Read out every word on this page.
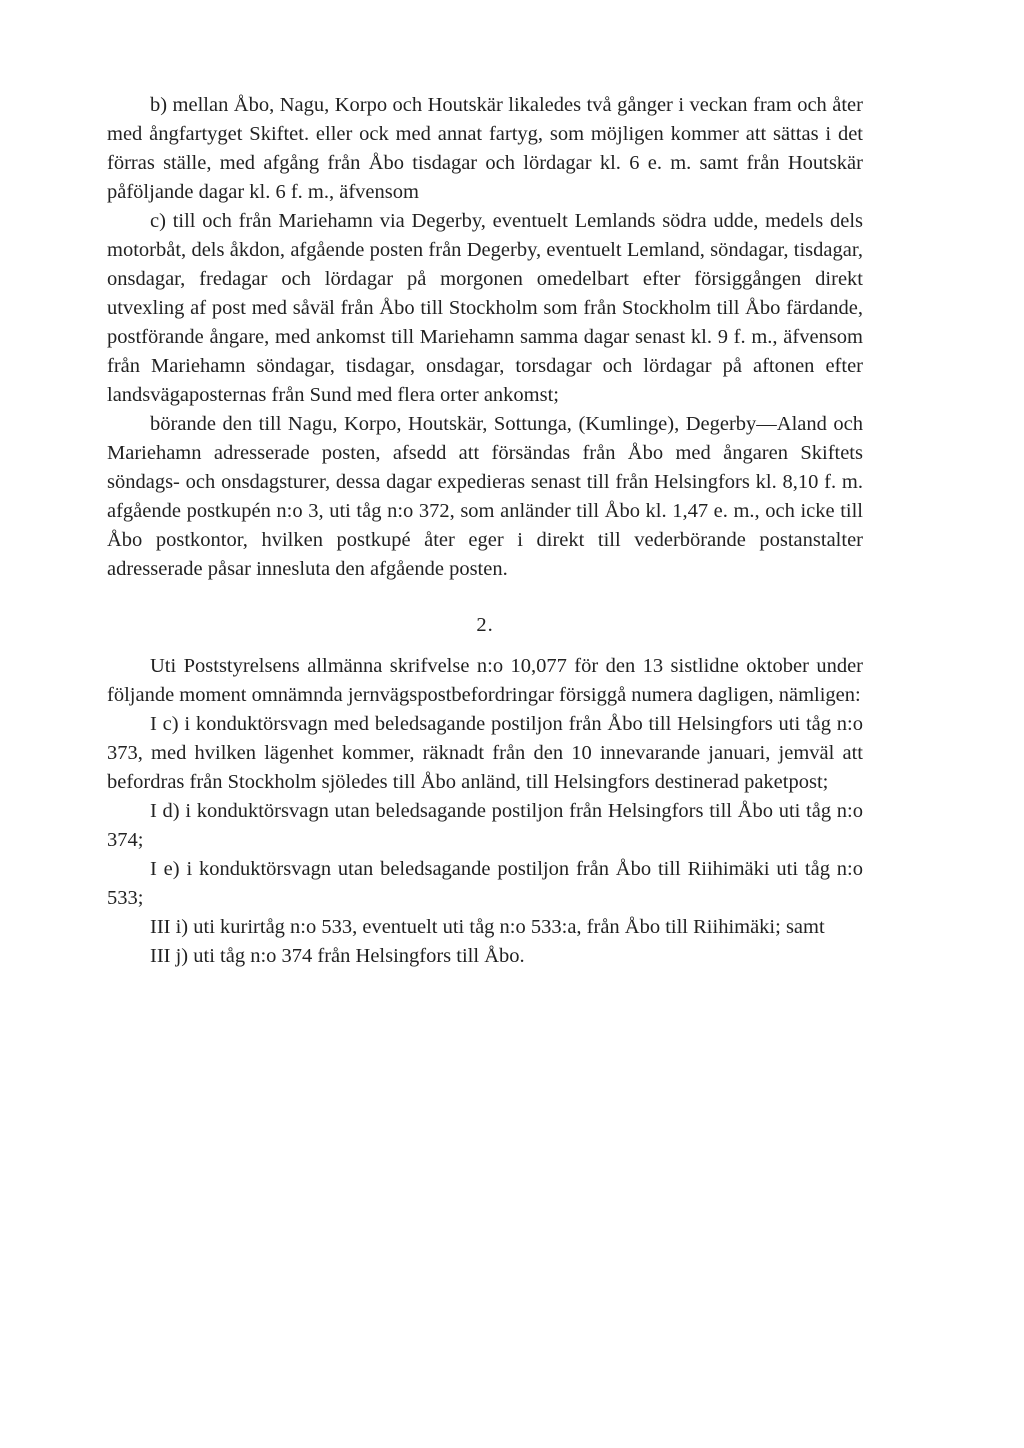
b) mellan Åbo, Nagu, Korpo och Houtskär likaledes två gånger i veckan fram och åter med ångfartyget Skiftet. eller ock med annat fartyg, som möjligen kommer att sättas i det förras ställe, med afgång från Åbo tisdagar och lördagar kl. 6 e. m. samt från Houtskär påföljande dagar kl. 6 f. m., äfvensom

c) till och från Mariehamn via Degerby, eventuelt Lemlands södra udde, medels dels motorbåt, dels åkdon, afgående posten från Degerby, eventuelt Lemland, söndagar, tisdagar, onsdagar, fredagar och lördagar på morgonen omedelbart efter försiggången direkt utvexling af post med såväl från Åbo till Stockholm som från Stockholm till Åbo färdande, postförande ångare, med ankomst till Mariehamn samma dagar senast kl. 9 f. m., äfvensom från Mariehamn söndagar, tisdagar, onsdagar, torsdagar och lördagar på aftonen efter landsvägaposternas från Sund med flera orter ankomst;

börande den till Nagu, Korpo, Houtskär, Sottunga, (Kumlinge), Degerby—Aland och Mariehamn adresserade posten, afsedd att försändas från Åbo med ångaren Skiftets söndags- och onsdagsturer, dessa dagar expedieras senast till från Helsingfors kl. 8,10 f. m. afgående postkupén n:o 3, uti tåg n:o 372, som anländer till Åbo kl. 1,47 e. m., och icke till Åbo postkontor, hvilken postkupé åter eger i direkt till vederbörande postanstalter adresserade påsar innesluta den afgående posten.

2.

Uti Poststyrelsens allmänna skrifvelse n:o 10,077 för den 13 sistlidne oktober under följande moment omnämnda jernvägspostbefordringar försiggå numera dagligen, nämligen:

I c) i konduktörsvagn med beledsagande postiljon från Åbo till Helsingfors uti tåg n:o 373, med hvilken lägenhet kommer, räknadt från den 10 innevarande januari, jemväl att befordras från Stockholm sjöledes till Åbo anländ, till Helsingfors destinerad paketpost;

I d) i konduktörsvagn utan beledsagande postiljon från Helsingfors till Åbo uti tåg n:o 374;

I e) i konduktörsvagn utan beledsagande postiljon från Åbo till Riihimäki uti tåg n:o 533;

III i) uti kurirtåg n:o 533, eventuelt uti tåg n:o 533:a, från Åbo till Riihimäki; samt

III j) uti tåg n:o 374 från Helsingfors till Åbo.
